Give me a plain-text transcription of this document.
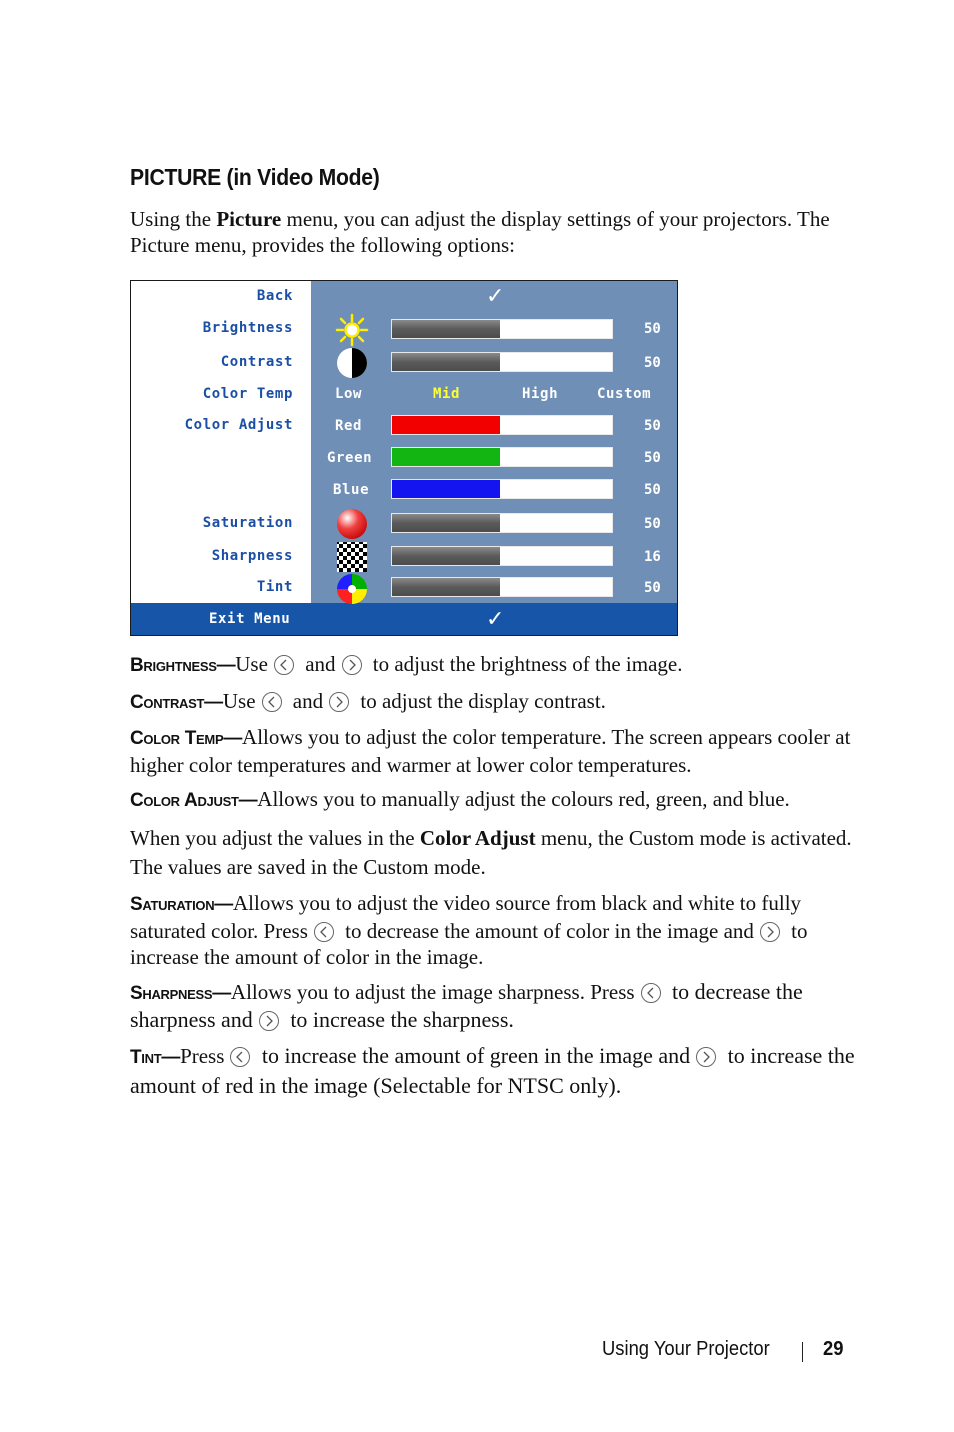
PICTURE (in Video Mode)

Using the Picture menu, you can adjust the display settings of your projectors. The Picture menu, provides the following options:

Back	✓
Brightness	50
Contrast	50
Color Temp	Low	Mid	High	Custom
Color Adjust	Red	50
Green	50
Blue	50
Saturation	50
Sharpness	16
Tint	50
Exit Menu	✓

Brightness—Use
and
to adjust the brightness of the image.

Contrast—Use
and
to adjust the display contrast.

Color Temp—Allows you to adjust the color temperature. The screen appears cooler at higher color temperatures and warmer at lower color temperatures.

Color Adjust—Allows you to manually adjust the colours red, green, and blue.

When you adjust the values in the Color Adjust menu, the Custom mode is activated. The values are saved in the Custom mode.

Saturation—Allows you to adjust the video source from black and white to fully saturated color. Press
to decrease the amount of color in the image and
to increase the amount of color in the image.

Sharpness—Allows you to adjust the image sharpness. Press
to decrease the sharpness and
to increase the sharpness.

Tint—Press
to increase the amount of green in the image and
to increase the amount of red in the image (Selectable for NTSC only).

Using Your Projector	29
